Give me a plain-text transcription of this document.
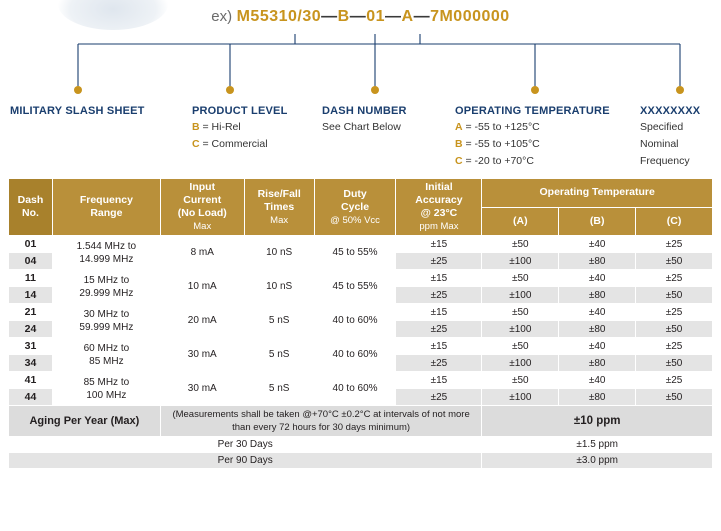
ex) M55310/30—B—01—A—7M000000
MILITARY SLASH SHEET	PRODUCT LEVEL
B = Hi-Rel
C = Commercial
DASH NUMBER
See Chart Below
OPERATING TEMPERATURE
A = -55 to +125°C
B = -55 to +105°C
C = -20 to +70°C
XXXXXXXX
Specified
Nominal
Frequency
Dash
No.	Frequency
Range	Input
Current
(No Load)
Max	Rise/Fall
Times
Max	Duty
Cycle
@ 50% Vcc	Initial
Accuracy
@ 23°C
ppm Max	Operating Temperature		
						(A)	(B)	(C)
01	1.544 MHz to
14.999 MHz	8 mA	10 nS	45 to 55%	±15	±50	±40	±25
04					±25	±100	±80	±50
11	15 MHz to
29.999 MHz	10 mA	10 nS	45 to 55%	±15	±50	±40	±25
14					±25	±100	±80	±50
21	30 MHz to
59.999 MHz	20 mA	5 nS	40 to 60%	±15	±50	±40	±25
24					±25	±100	±80	±50
31	60 MHz to
85 MHz	30 mA	5 nS	40 to 60%	±15	±50	±40	±25
34					±25	±100	±80	±50
41	85 MHz to
100 MHz	30 mA	5 nS	40 to 60%	±15	±50	±40	±25
44					±25	±100	±80	±50
Aging Per Year (Max)		(Measurements shall be taken @+70°C ±0.2°C at intervals of not more than every 72 hours for 30 days minimum)				±10 ppm		
Per 30 Days						±1.5 ppm		
Per 90 Days						±3.0 ppm		
